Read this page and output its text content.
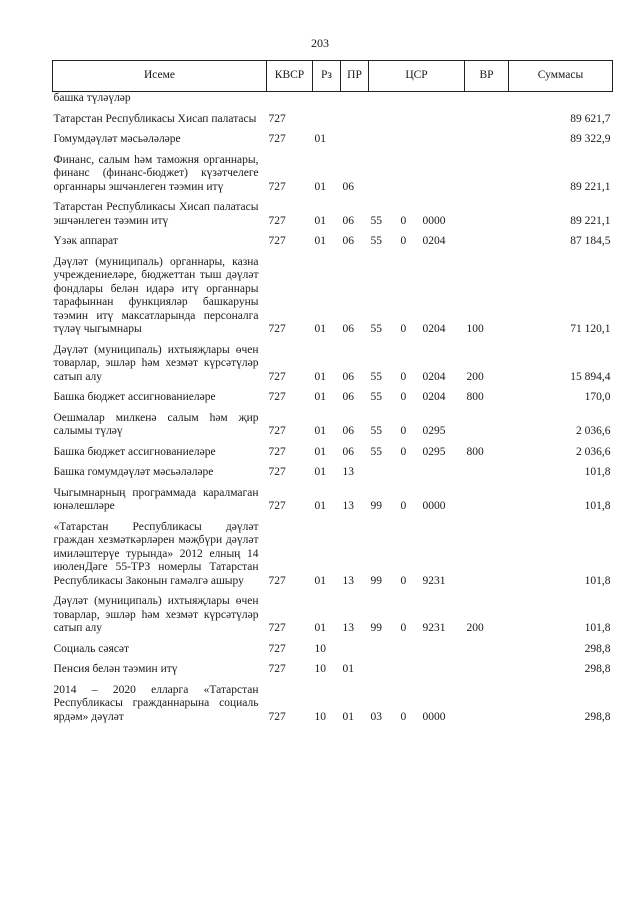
203
Исеме	КВСР	Рз	ПР	ЦСР			ВР	Суммасы
башка түләүләр								
Татарстан Республикасы Хисап палатасы	727							89 621,7
Гомумдәүләт мәсьәләләре	727	01						89 322,9
Финанс, салым һәм таможня органнары, финанс (финанс-бюджет) күзәтчелеге органнары эшчәнлеген тәэмин итү	727	01	06					89 221,1
Татарстан Республикасы Хисап палатасы эшчәнлеген тәэмин итү	727	01	06	55	0	0000		89 221,1
Үзәк аппарат	727	01	06	55	0	0204		87 184,5
Дәүләт (муниципаль) органнары, казна учреждениеләре, бюджеттан тыш дәүләт фондлары белән идарә итү органнары тарафыннан функцияләр башкаруны тәэмин итү максатларында персоналга түләү чыгымнары	727	01	06	55	0	0204	100	71 120,1
Дәүләт (муниципаль) ихтыяҗлары өчен товарлар, эшләр һәм хезмәт күрсәтүләр сатып алу	727	01	06	55	0	0204	200	15 894,4
Башка бюджет ассигнованиеләре	727	01	06	55	0	0204	800	170,0
Оешмалар милкенә салым һәм җир салымы түләү	727	01	06	55	0	0295		2 036,6
Башка бюджет ассигнованиеләре	727	01	06	55	0	0295	800	2 036,6
Башка гомумдәүләт мәсьәләләре	727	01	13					101,8
Чыгымнарның программада каралмаган юнәлешләре	727	01	13	99	0	0000		101,8
«Татарстан Республикасы дәүләт граждан хезмәткәрләрен мәҗбүри дәүләт имиләштерүе турында» 2012 елның 14 июленДәге 55-ТРЗ номерлы Татарстан Республикасы Законын гамәлгә ашыру	727	01	13	99	0	9231		101,8
Дәүләт (муниципаль) ихтыяҗлары өчен товарлар, эшләр һәм хезмәт күрсәтүләр сатып алу	727	01	13	99	0	9231	200	101,8
Социаль сәясәт	727	10						298,8
Пенсия белән тәэмин итү	727	10	01					298,8
2014 – 2020 елларга «Татарстан Республикасы гражданнарына социаль ярдәм» дәүләт	727	10	01	03	0	0000		298,8
